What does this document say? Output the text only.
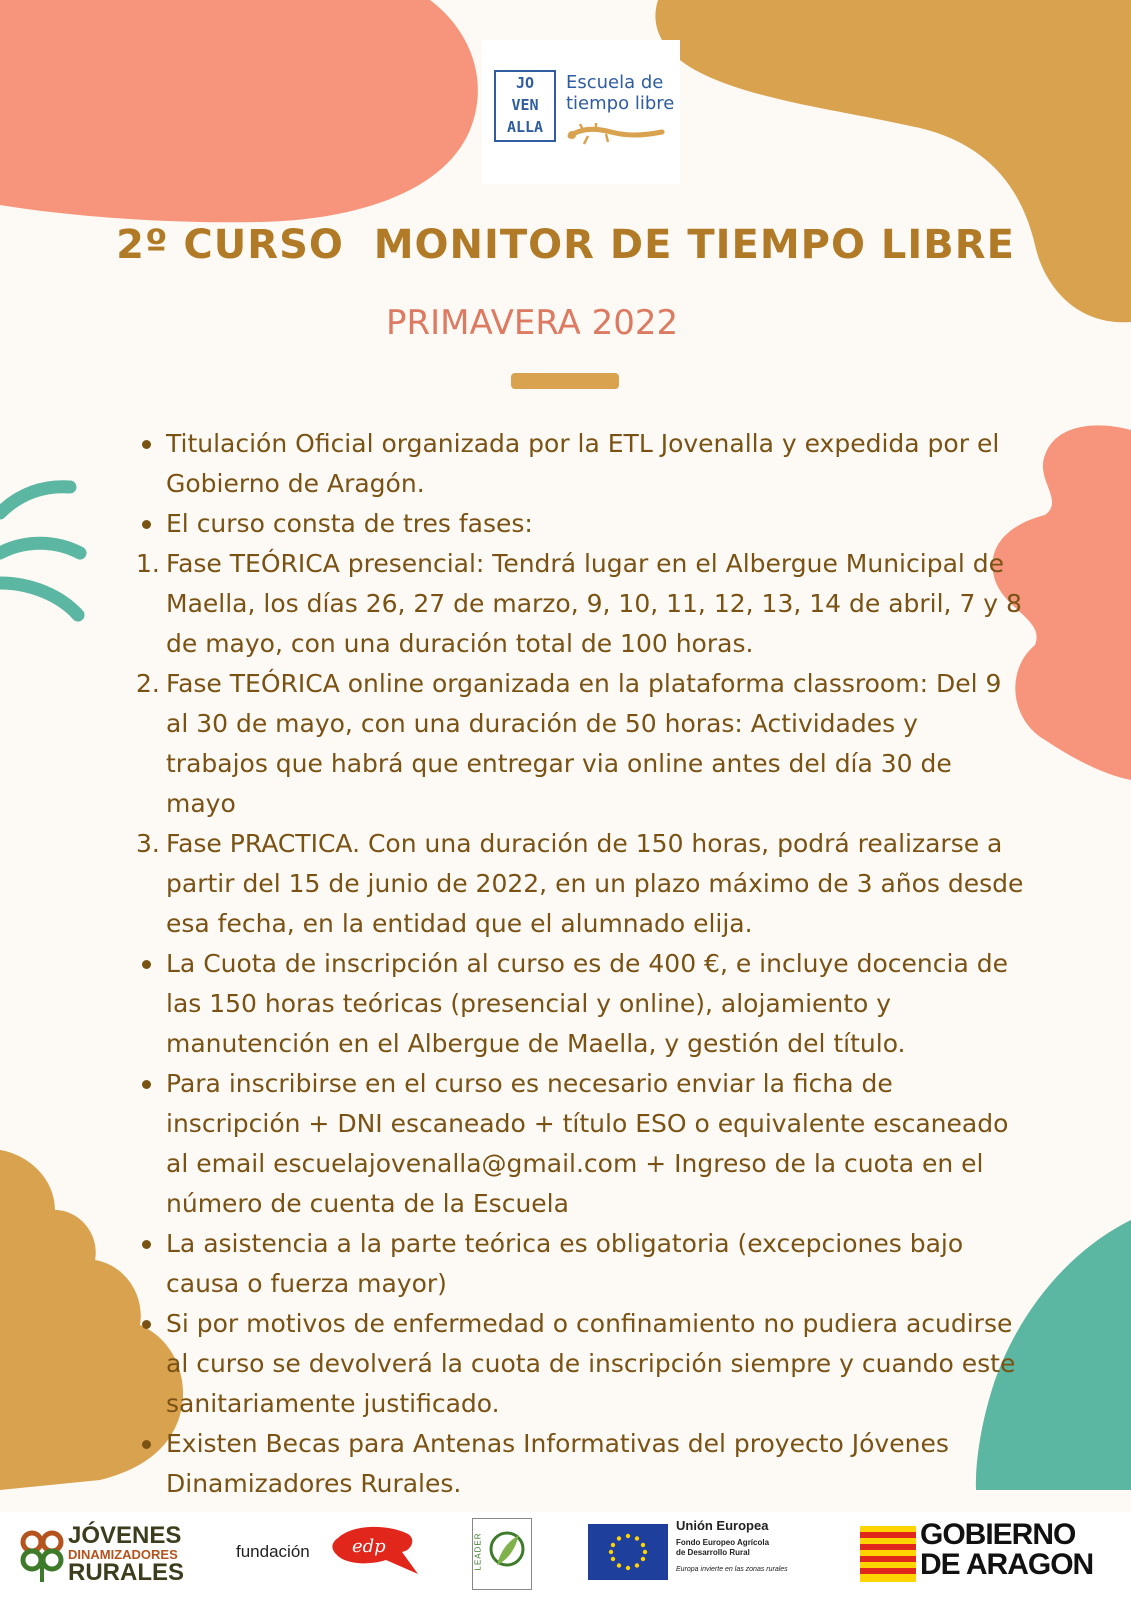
JO
VEN
ALLA
Escuela de
tiempo libre
2º CURSO  MONITOR DE TIEMPO LIBRE
PRIMAVERA 2022
Titulación Oficial organizada por la ETL Jovenalla y expedida por el Gobierno de Aragón.
El curso consta de tres fases:
1. Fase TEÓRICA presencial: Tendrá lugar en el Albergue Municipal de Maella, los días 26, 27 de marzo, 9, 10, 11, 12, 13, 14 de abril, 7 y 8 de mayo, con una duración total de 100 horas.
2. Fase TEÓRICA online organizada en la plataforma classroom: Del 9 al 30 de mayo, con una duración de 50 horas: Actividades y trabajos que habrá que entregar via online antes del día 30 de mayo
3. Fase PRACTICA. Con una duración de 150 horas, podrá realizarse a partir del 15 de junio de 2022, en un plazo máximo de 3 años desde esa fecha, en la entidad que el alumnado elija.
La Cuota de inscripción al curso es de 400 €, e incluye docencia de las 150 horas teóricas (presencial y online), alojamiento y manutención en el Albergue de Maella, y gestión del título.
Para inscribirse en el curso es necesario enviar la ficha de inscripción + DNI escaneado + título ESO o equivalente escaneado al email escuelajovenalla@gmail.com + Ingreso de la cuota en el número de cuenta de la Escuela
La asistencia a la parte teórica es obligatoria (excepciones bajo causa o fuerza mayor)
Si por motivos de enfermedad o confinamiento no pudiera acudirse al curso se devolverá la cuota de inscripción siempre y cuando este sanitariamente justificado.
Existen Becas para Antenas Informativas del proyecto Jóvenes Dinamizadores Rurales.
JÓVENES
DINAMIZADORES
RURALES
fundación edp	LEADER
Unión Europea
Fondo Europeo Agrícola
de Desarrollo Rural
Europa invierte en las zonas rurales
GOBIERNO
DE ARAGON
